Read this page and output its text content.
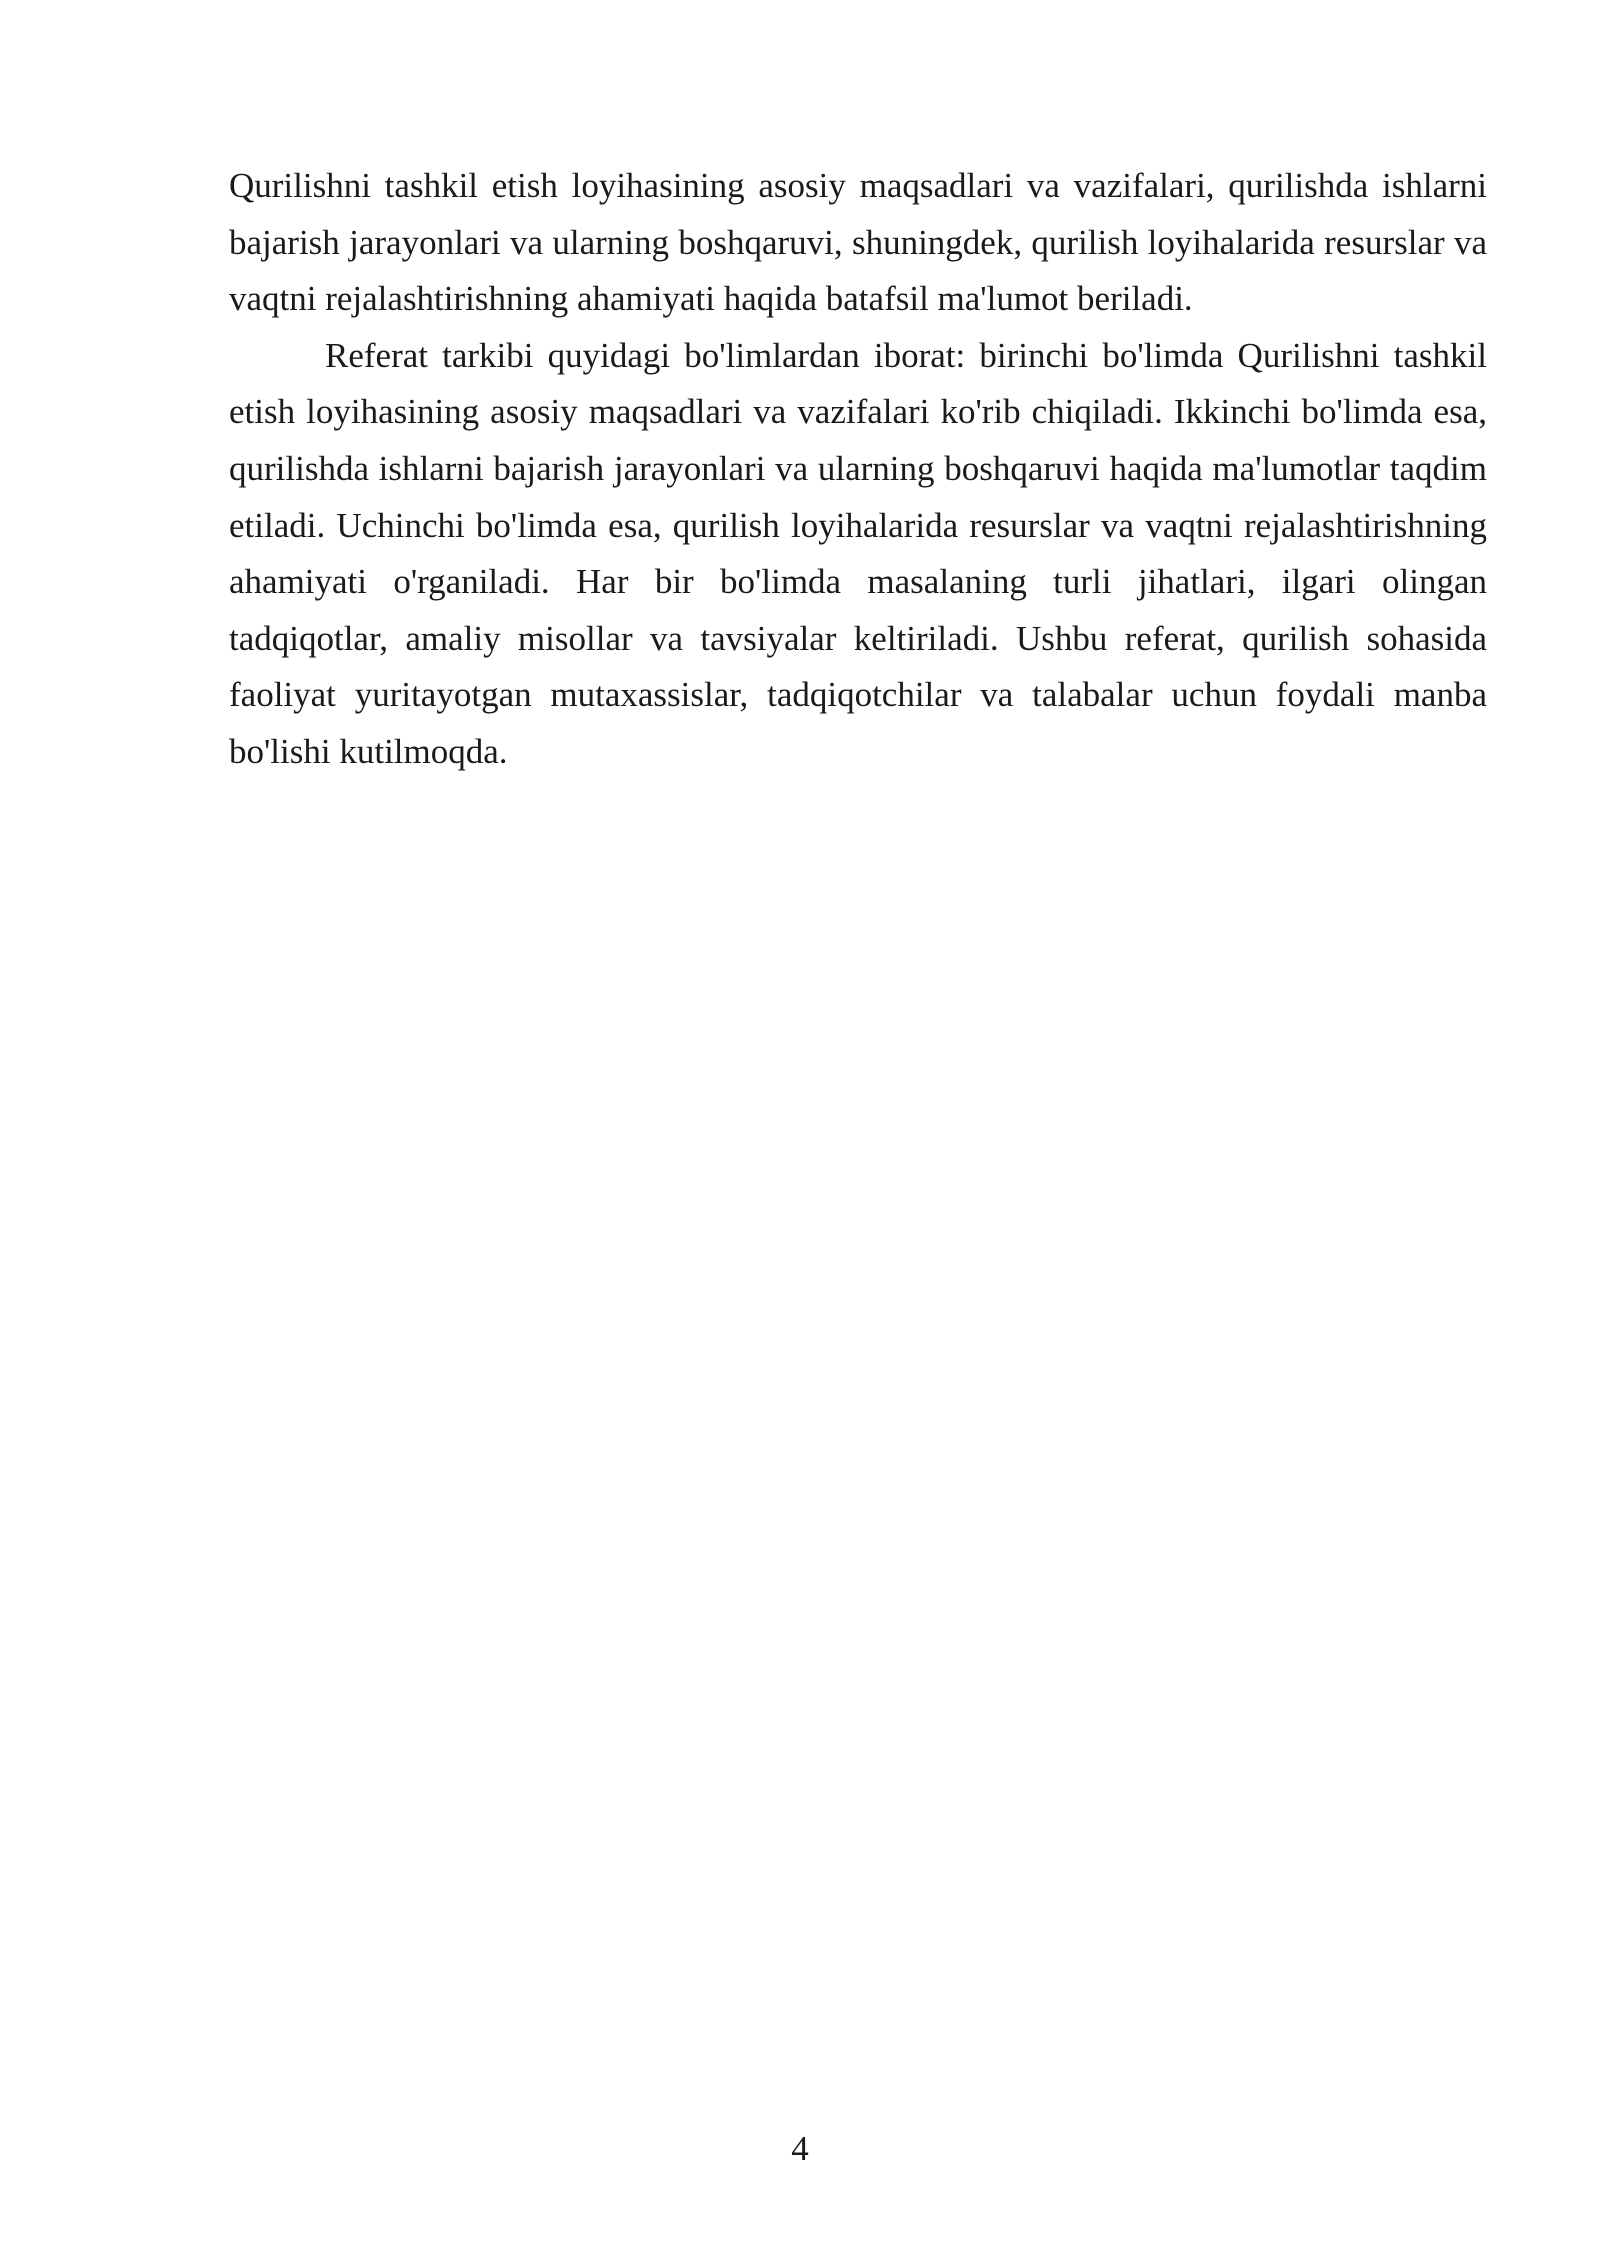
Qurilishni tashkil etish loyihasining asosiy maqsadlari va vazifalari, qurilishda ishlarni bajarish jarayonlari va ularning boshqaruvi, shuningdek, qurilish loyihalarida resurslar va vaqtni rejalashtirishning ahamiyati haqida batafsil ma'lumot beriladi.

Referat tarkibi quyidagi bo'limlardan iborat: birinchi bo'limda Qurilishni tashkil etish loyihasining asosiy maqsadlari va vazifalari ko'rib chiqiladi. Ikkinchi bo'limda esa, qurilishda ishlarni bajarish jarayonlari va ularning boshqaruvi haqida ma'lumotlar taqdim etiladi. Uchinchi bo'limda esa, qurilish loyihalarida resurslar va vaqtni rejalashtirishning ahamiyati o'rganiladi. Har bir bo'limda masalaning turli jihatlari, ilgari olingan tadqiqotlar, amaliy misollar va tavsiyalar keltiriladi. Ushbu referat, qurilish sohasida faoliyat yuritayotgan mutaxassislar, tadqiqotchilar va talabalar uchun foydali manba bo'lishi kutilmoqda.

4
